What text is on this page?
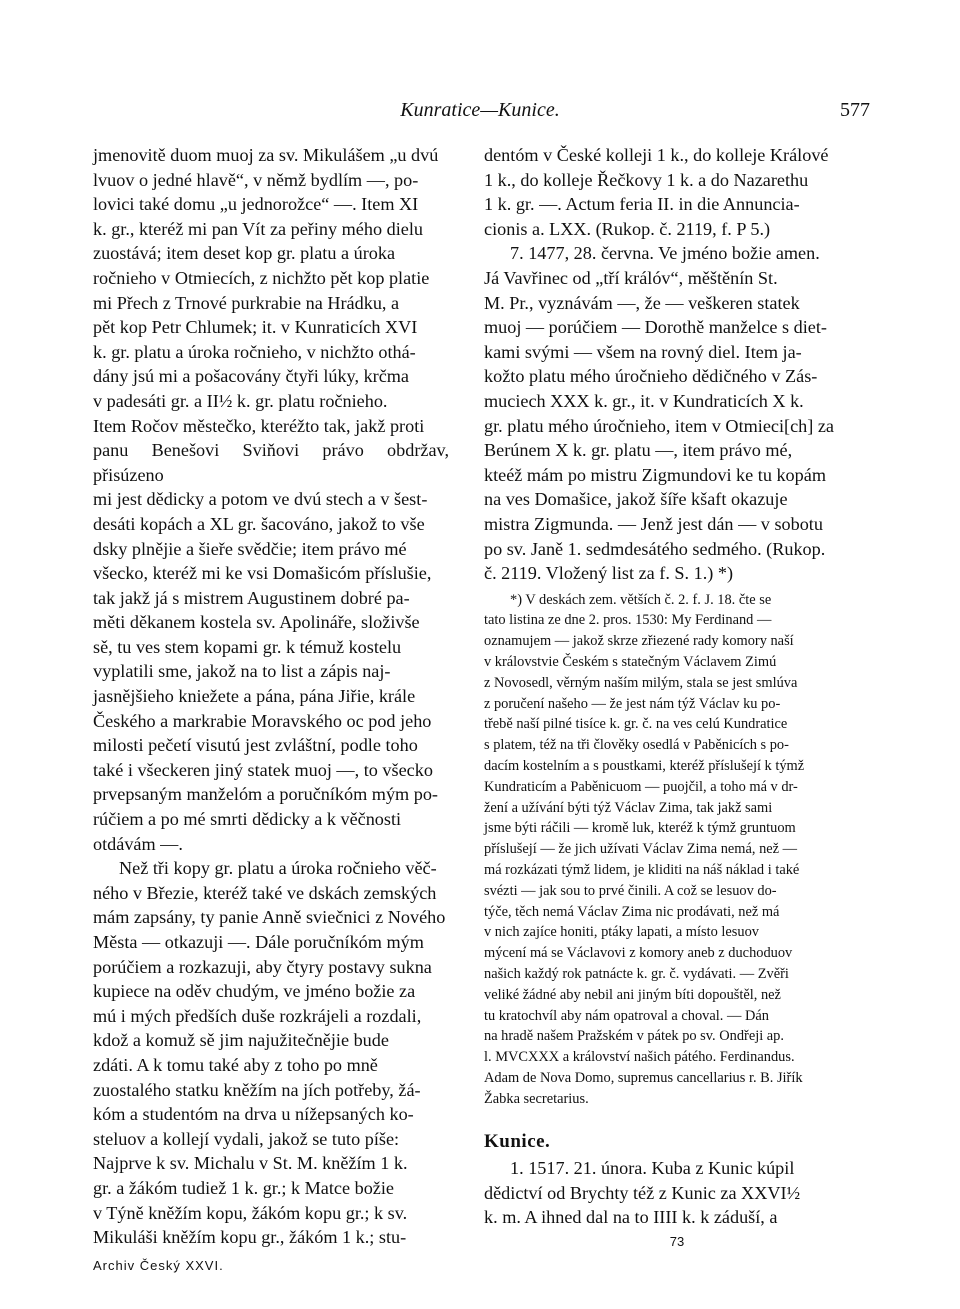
Kunratice—Kunice.	577

jmenovitě duom muoj za sv. Mikulášem „u dvú
lvuov o jedné hlavě“, v němž bydlím —, po-
lovici také domu „u jednorožce“ —. Item XI
k. gr., kteréž mi pan Vít za peřiny mého dielu
zuostává; item deset kop gr. platu a úroka
ročnieho v Otmiecích, z nichžto pět kop platie
mi Přech z Trnové purkrabie na Hrádku, a
pět kop Petr Chlumek; it. v Kunraticích XVI
k. gr. platu a úroka ročnieho, v nichžto othá-
dány jsú mi a pošacovány čtyři lúky, krčma
v padesáti gr. a II½ k. gr. platu ročnieho.
Item Ročov městečko, kteréžto tak, jakž proti
panu Benešovi Sviňovi právo obdržav, přisúzeno
mi jest dědicky a potom ve dvú stech a v šest-
desáti kopách a XL gr. šacováno, jakož to vše
dsky plnějie a šieře svědčie; item právo mé
všecko, kteréž mi ke vsi Domašicóm příslušie,
tak jakž já s mistrem Augustinem dobré pa-
měti děkanem kostela sv. Apolináře, složivše
sě, tu ves stem kopami gr. k témuž kostelu
vyplatili sme, jakož na to list a zápis naj-
jasnějšieho kniežete a pána, pána Jiřie, krále
Českého a markrabie Moravského oc pod jeho
milosti pečetí visutú jest zvláštní, podle toho
také i všeckeren jiný statek muoj —, to všecko
prvepsaným manželóm a poručníkóm mým po-
rúčiem a po mé smrti dědicky a k věčnosti
otdávám —.

Než tři kopy gr. platu a úroka ročnieho věč-
ného v Březie, kteréž také ve dskách zemských
mám zapsány, ty panie Anně sviečnici z Nového
Města — otkazuji —. Dále poručníkóm mým
porúčiem a rozkazuji, aby čtyry postavy sukna
kupiece na oděv chudým, ve jméno božie za
mú i mých předších duše rozkrájeli a rozdali,
kdož a komuž sě jim najužitečnějie bude
zdáti. A k tomu také aby z toho po mně
zuostalého statku kněžím na jích potřeby, žá-
kóm a studentóm na drva u nížepsaných ko-
steluov a kollejí vydali, jakož se tuto píše:
Najprve k sv. Michalu v St. M. kněžím 1 k.
gr. a žákóm tudiež 1 k. gr.; k Matce božie
v Týně kněžím kopu, žákóm kopu gr.; k sv.
Mikuláši kněžím kopu gr., žákóm 1 k.; stu-

Archiv Český XXVI.

dentóm v České kolleji 1 k., do kolleje Králové
1 k., do kolleje Řečkovy 1 k. a do Nazarethu
1 k. gr. —. Actum feria II. in die Annuncia-
cionis a. LXX. (Rukop. č. 2119, f. P 5.)

7. 1477, 28. června. Ve jméno božie amen.
Já Vavřinec od „tří králóv“, měštěnín St.
M. Pr., vyznávám —, že — veškeren statek
muoj — porúčiem — Dorothě manželce s diet-
kami svými — všem na rovný diel. Item ja-
kožto platu mého úročnieho dědičného v Zás-
muciech XXX k. gr., it. v Kundraticích X k.
gr. platu mého úročnieho, item v Otmieci[ch] za
Berúnem X k. gr. platu —, item právo mé,
kteéž mám po mistru Zigmundovi ke tu kopám
na ves Domašice, jakož šíře kšaft okazuje
mistra Zigmunda. — Jenž jest dán — v sobotu
po sv. Janě 1. sedmdesátého sedmého. (Rukop.
č. 2119. Vložený list za f. S. 1.) *)

*) V deskách zem. větších č. 2. f. J. 18. čte se
tato listina ze dne 2. pros. 1530: My Ferdinand —
oznamujem — jakož skrze zřiezené rady komory naší
v královstvie Českém s statečným Václavem Zimú
z Novosedl, věrným naším milým, stala se jest smlúva
z poručení našeho — že jest nám týž Václav ku po-
třebě naší pilné tisíce k. gr. č. na ves celú Kundratice
s platem, též na tři člověky osedlá v Paběnicích s po-
dacím kostelním a s poustkami, kteréž příslušejí k týmž
Kundraticím a Paběnicuom — puojčil, a toho má v dr-
žení a užívání býti týž Václav Zima, tak jakž sami
jsme býti ráčili — kromě luk, kteréž k týmž gruntuom
příslušejí — že jich užívati Václav Zima nemá, než —
má rozkázati týmž lidem, je kliditi na náš náklad i také
svézti — jak sou to prvé činili. A což se lesuov do-
týče, těch nemá Václav Zima nic prodávati, než má
v nich zajíce honiti, ptáky lapati, a místo lesuov
mýcení má se Václavovi z komory aneb z duchoduov
našich každý rok patnácte k. gr. č. vydávati. — Zvěři
veliké žádné aby nebil ani jiným bíti dopouštěl, než
tu kratochvíl aby nám opatroval a choval. — Dán
na hradě našem Pražském v pátek po sv. Ondřeji ap.
l. MVCXXX a království našich pátého. Ferdinandus.
Adam de Nova Domo, supremus cancellarius r. B. Jiřík
Žabka secretarius.

Kunice.

1. 1517. 21. února. Kuba z Kunic kúpil
dědictví od Brychty též z Kunic za XXVI½
k. m. A ihned dal na to IIII k. k záduší, a

73
